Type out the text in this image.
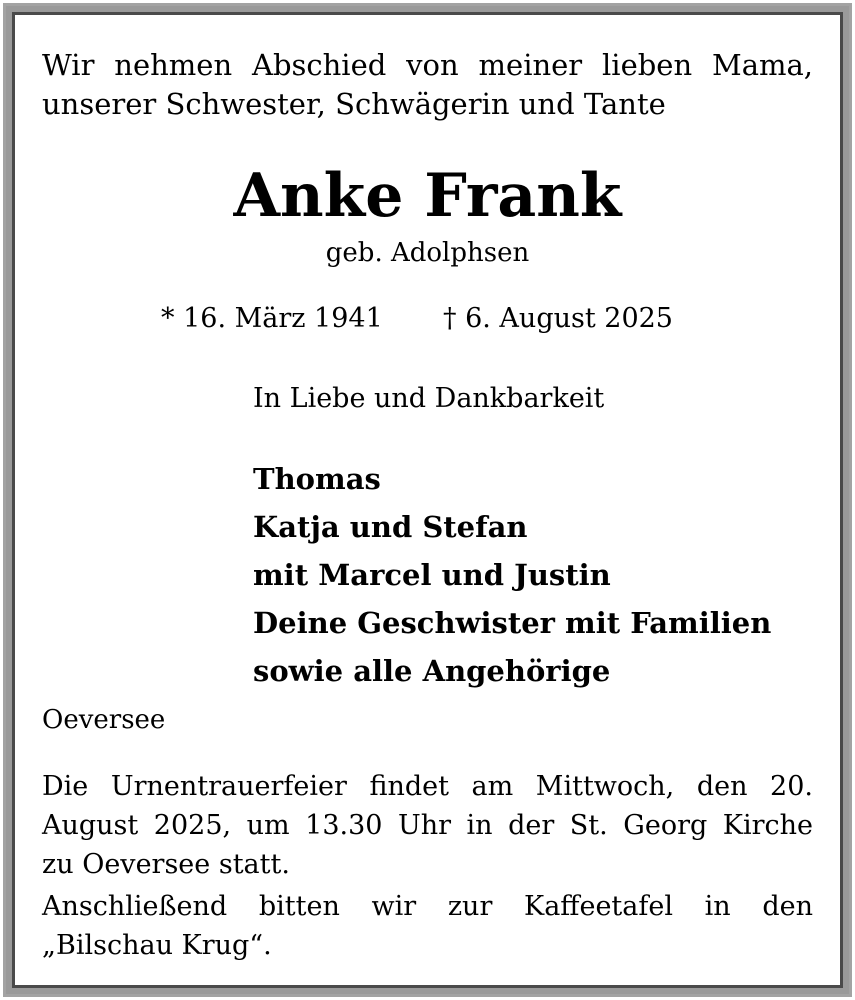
Wir nehmen Abschied von meiner lieben Mama,
unserer Schwester, Schwägerin und Tante
Anke Frank
geb. Adolphsen
* 16. März 1941 † 6. August 2025
In Liebe und Dankbarkeit
Thomas
Katja und Stefan
mit Marcel und Justin
Deine Geschwister mit Familien
sowie alle Angehörige
Oeversee
Die Urnentrauerfeier findet am Mittwoch, den 20.
August 2025, um 13.30 Uhr in der St. Georg Kirche
zu Oeversee statt.
Anschließend bitten wir zur Kaffeetafel in den
„Bilschau Krug“.
